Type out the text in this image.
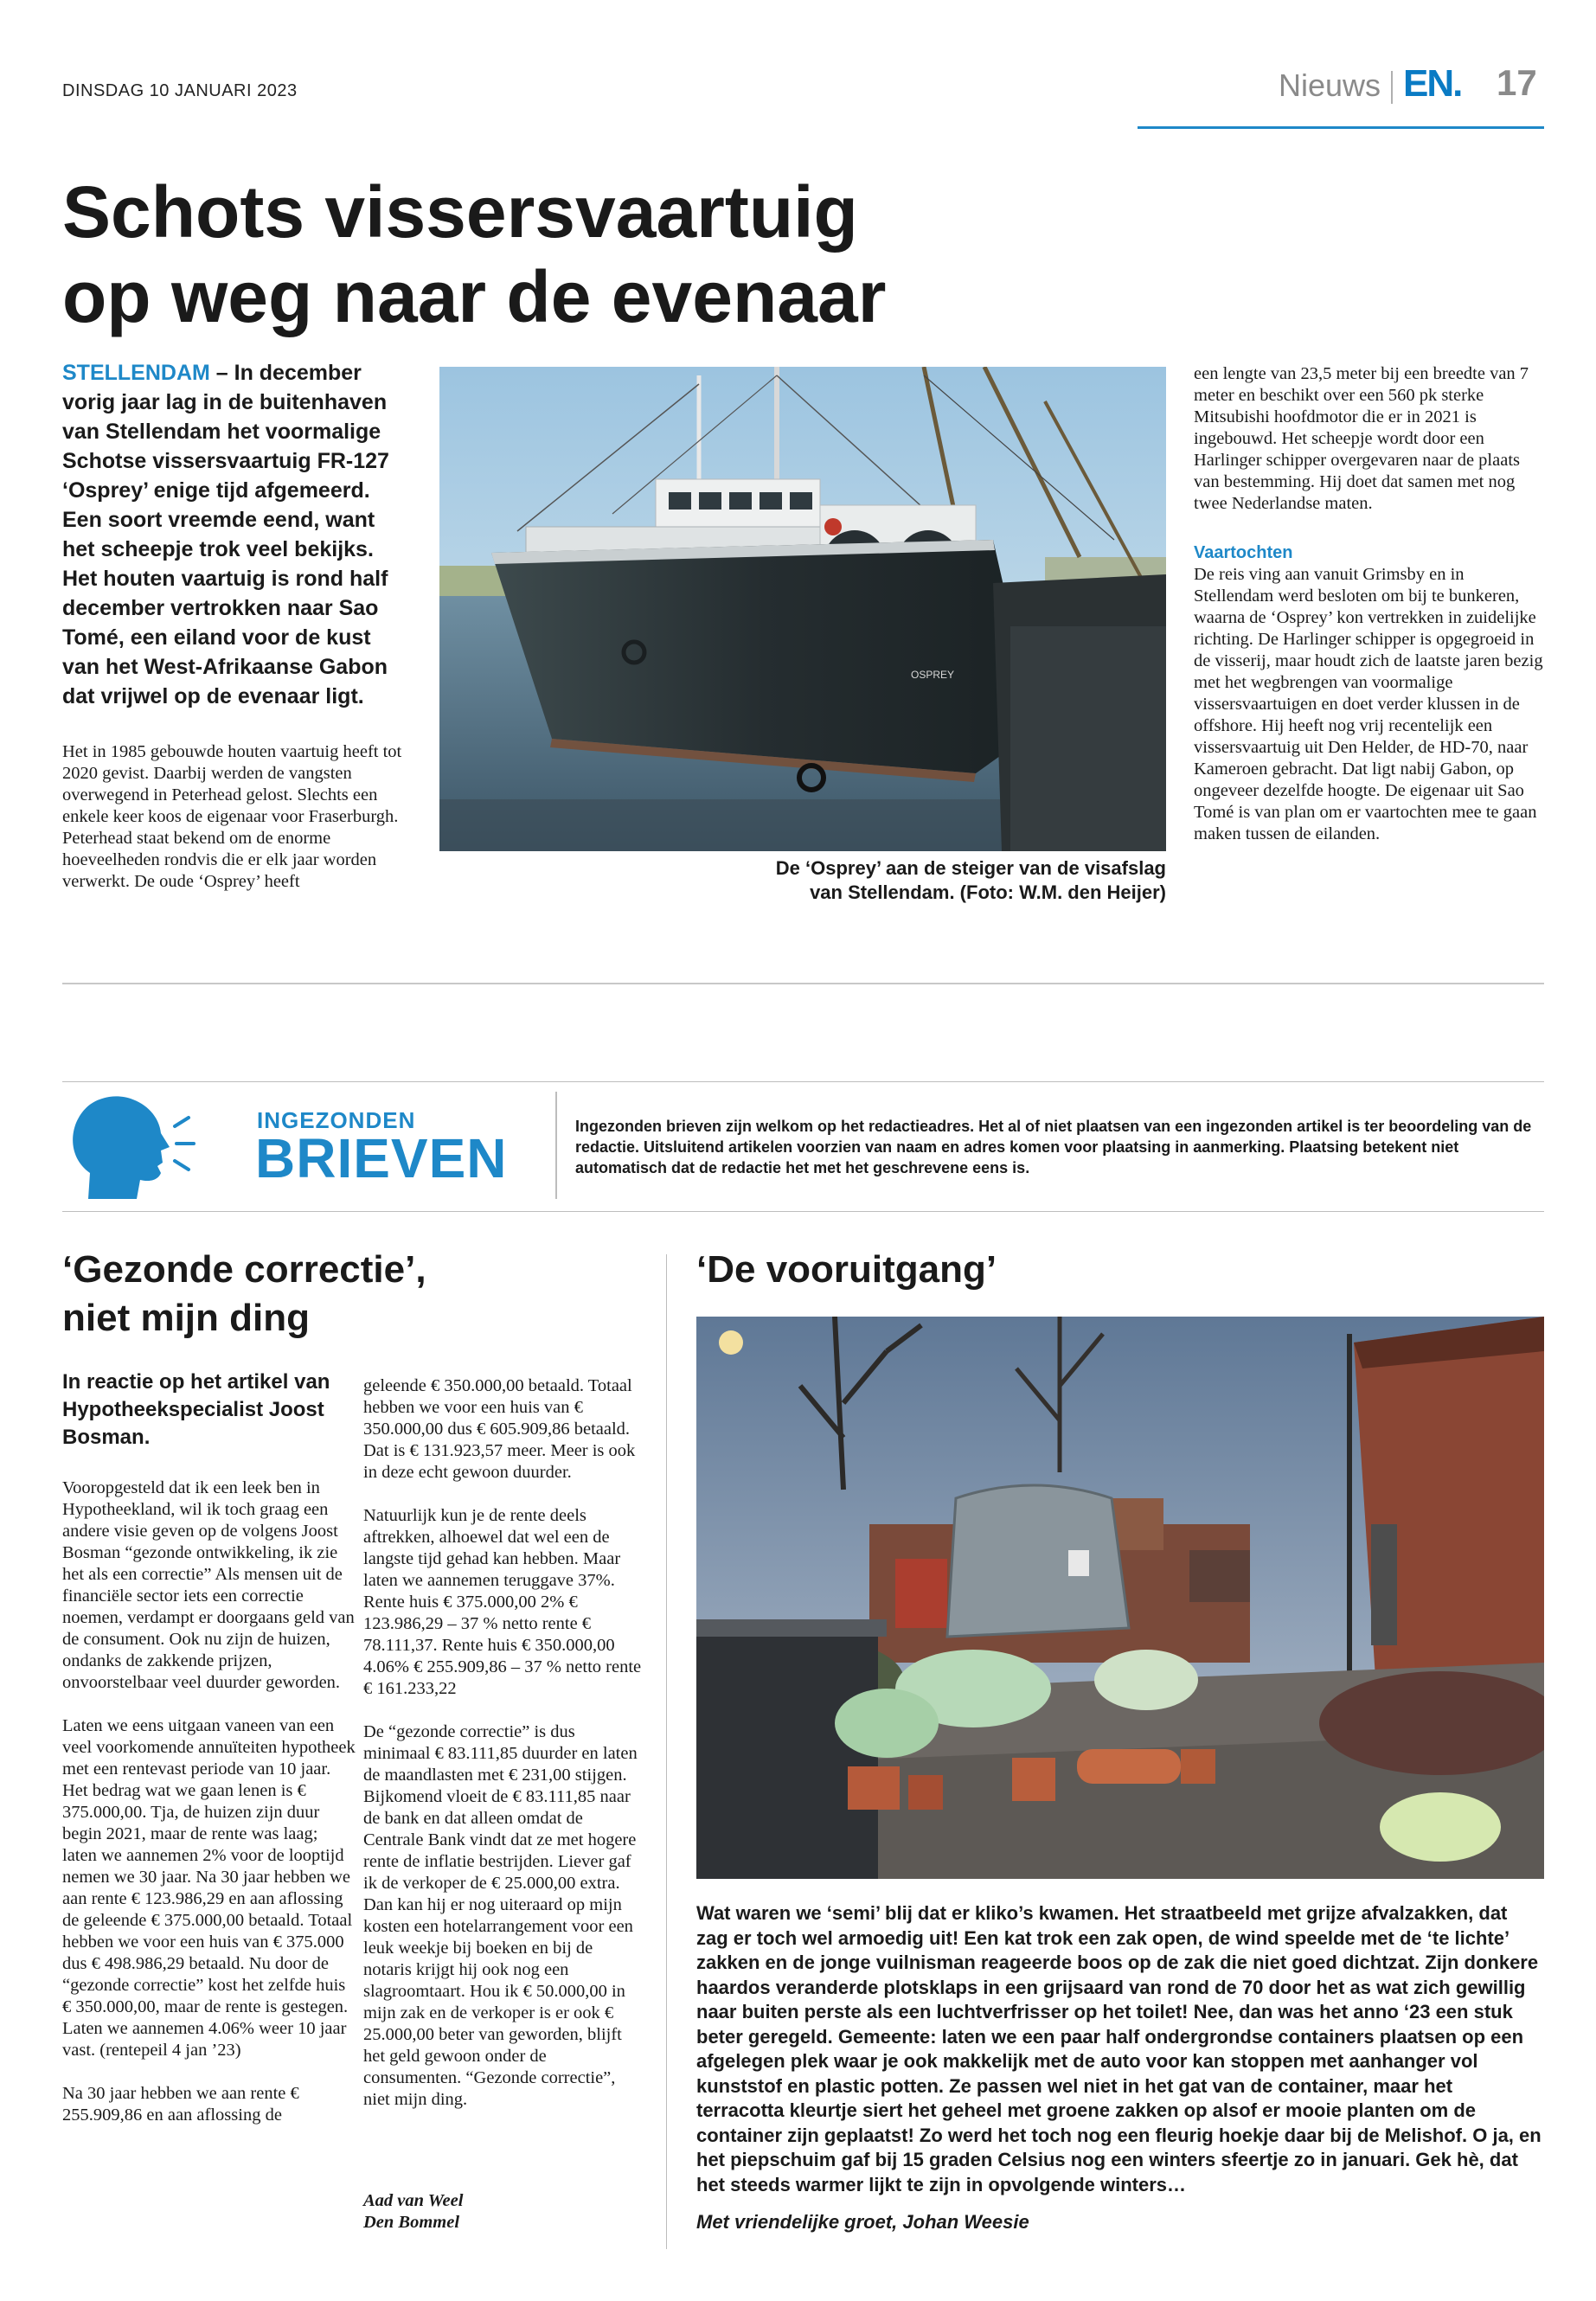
DINSDAG 10 JANUARI 2023	Nieuws EN. 17
Schots vissersvaartuig
op weg naar de evenaar
STELLENDAM – In december vorig jaar lag in de buitenhaven van Stellendam het voormalige Schotse vissersvaartuig FR-127 ‘Osprey’ enige tijd afgemeerd. Een soort vreemde eend, want het scheepje trok veel bekijks. Het houten vaartuig is rond half december vertrokken naar Sao Tomé, een eiland voor de kust van het West-Afrikaanse Gabon dat vrijwel op de evenaar ligt.
Het in 1985 gebouwde houten vaartuig heeft tot 2020 gevist. Daarbij werden de vangsten overwegend in Peterhead gelost. Slechts een enkele keer koos de eigenaar voor Fraserburgh. Peterhead staat bekend om de enorme hoeveelheden rondvis die er elk jaar worden verwerkt. De oude ‘Osprey’ heeft
OSPREY
De ‘Osprey’ aan de steiger van de visafslag
van Stellendam. (Foto: W.M. den Heijer)
een lengte van 23,5 meter bij een breedte van 7 meter en beschikt over een 560 pk sterke Mitsubishi hoofdmotor die er in 2021 is ingebouwd. Het scheepje wordt door een Harlinger schipper overgevaren naar de plaats van bestemming. Hij doet dat samen met nog twee Nederlandse maten.
Vaartochten
De reis ving aan vanuit Grimsby en in Stellendam werd besloten om bij te bunkeren, waarna de ‘Osprey’ kon vertrekken in zuidelijke richting. De Harlinger schipper is opgegroeid in de visserij, maar houdt zich de laatste jaren bezig met het wegbrengen van voormalige vissersvaartuigen en doet verder klussen in de offshore. Hij heeft nog vrij recentelijk een vissersvaartuig uit Den Helder, de HD-70, naar Kameroen gebracht. Dat ligt nabij Gabon, op ongeveer dezelfde hoogte. De eigenaar uit Sao Tomé is van plan om er vaartochten mee te gaan maken tussen de eilanden.
INGEZONDEN
BRIEVEN
Ingezonden brieven zijn welkom op het redactieadres. Het al of niet plaatsen van een ingezonden artikel is ter beoordeling van de redactie. Uitsluitend artikelen voorzien van naam en adres komen voor plaatsing in aanmerking. Plaatsing betekent niet automatisch dat de redactie het met het geschrevene eens is.
‘Gezonde correctie’,
niet mijn ding
In reactie op het artikel van Hypotheekspecialist Joost Bosman.

Vooropgesteld dat ik een leek ben in Hypotheekland, wil ik toch graag een andere visie geven op de volgens Joost Bosman “gezonde ontwikkeling, ik zie het als een correctie” Als mensen uit de financiële sector iets een correctie noemen, verdampt er doorgaans geld van de consument. Ook nu zijn de huizen, ondanks de zakkende prijzen, onvoorstelbaar veel duurder geworden.

Laten we eens uitgaan vaneen van een veel voorkomende annuïteiten hypotheek met een rentevast periode van 10 jaar. Het bedrag wat we gaan lenen is € 375.000,00. Tja, de huizen zijn duur begin 2021, maar de rente was laag; laten we aannemen 2% voor de looptijd nemen we 30 jaar. Na 30 jaar hebben we aan rente € 123.986,29 en aan aflossing de geleende € 375.000,00 betaald. Totaal hebben we voor een huis van € 375.000 dus € 498.986,29 betaald. Nu door de “gezonde correctie” kost het zelfde huis € 350.000,00, maar de rente is gestegen. Laten we aannemen 4.06% weer 10 jaar vast. (rentepeil 4 jan ’23)

Na 30 jaar hebben we aan rente € 255.909,86 en aan aflossing de

geleende € 350.000,00 betaald. Totaal hebben we voor een huis van € 350.000,00 dus € 605.909,86 betaald. Dat is € 131.923,57 meer. Meer is ook in deze echt gewoon duurder.

Natuurlijk kun je de rente deels aftrekken, alhoewel dat wel een de langste tijd gehad kan hebben. Maar laten we aannemen teruggave 37%. Rente huis € 375.000,00 2% € 123.986,29 – 37 % netto rente € 78.111,37. Rente huis € 350.000,00 4.06% € 255.909,86 – 37 % netto rente € 161.233,22

De “gezonde correctie” is dus minimaal € 83.111,85 duurder en laten de maandlasten met € 231,00 stijgen. Bijkomend vloeit de € 83.111,85 naar de bank en dat alleen omdat de Centrale Bank vindt dat ze met hogere rente de inflatie bestrijden. Liever gaf ik de verkoper de € 25.000,00 extra. Dan kan hij er nog uiteraard op mijn kosten een hotelarrangement voor een leuk weekje bij boeken en bij de notaris krijgt hij ook nog een slagroomtaart. Hou ik € 50.000,00 in mijn zak en de verkoper is er ook € 25.000,00 beter van geworden, blijft het geld gewoon onder de consumenten. “Gezonde correctie”, niet mijn ding.

Aad van Weel
Den Bommel
‘De vooruitgang’
Wat waren we ‘semi’ blij dat er kliko’s kwamen. Het straatbeeld met grijze afvalzakken, dat zag er toch wel armoedig uit! Een kat trok een zak open, de wind speelde met de ‘te lichte’ zakken en de jonge vuilnisman reageerde boos op de zak die niet goed dichtzat. Zijn donkere haardos veranderde plotsklaps in een grijsaard van rond de 70 door het as wat zich gewillig naar buiten perste als een luchtverfrisser op het toilet! Nee, dan was het anno ‘23 een stuk beter geregeld. Gemeente: laten we een paar half ondergrondse containers plaatsen op een afgelegen plek waar je ook makkelijk met de auto voor kan stoppen met aanhanger vol kunststof en plastic potten. Ze passen wel niet in het gat van de container, maar het terracotta kleurtje siert het geheel met groene zakken op alsof er mooie planten om de container zijn geplaatst! Zo werd het toch nog een fleurig hoekje daar bij de Melishof. O ja, en het piepschuim gaf bij 15 graden Celsius nog een winters sfeertje zo in januari. Gek hè, dat het steeds warmer lijkt te zijn in opvolgende winters…
Met vriendelijke groet, Johan Weesie
